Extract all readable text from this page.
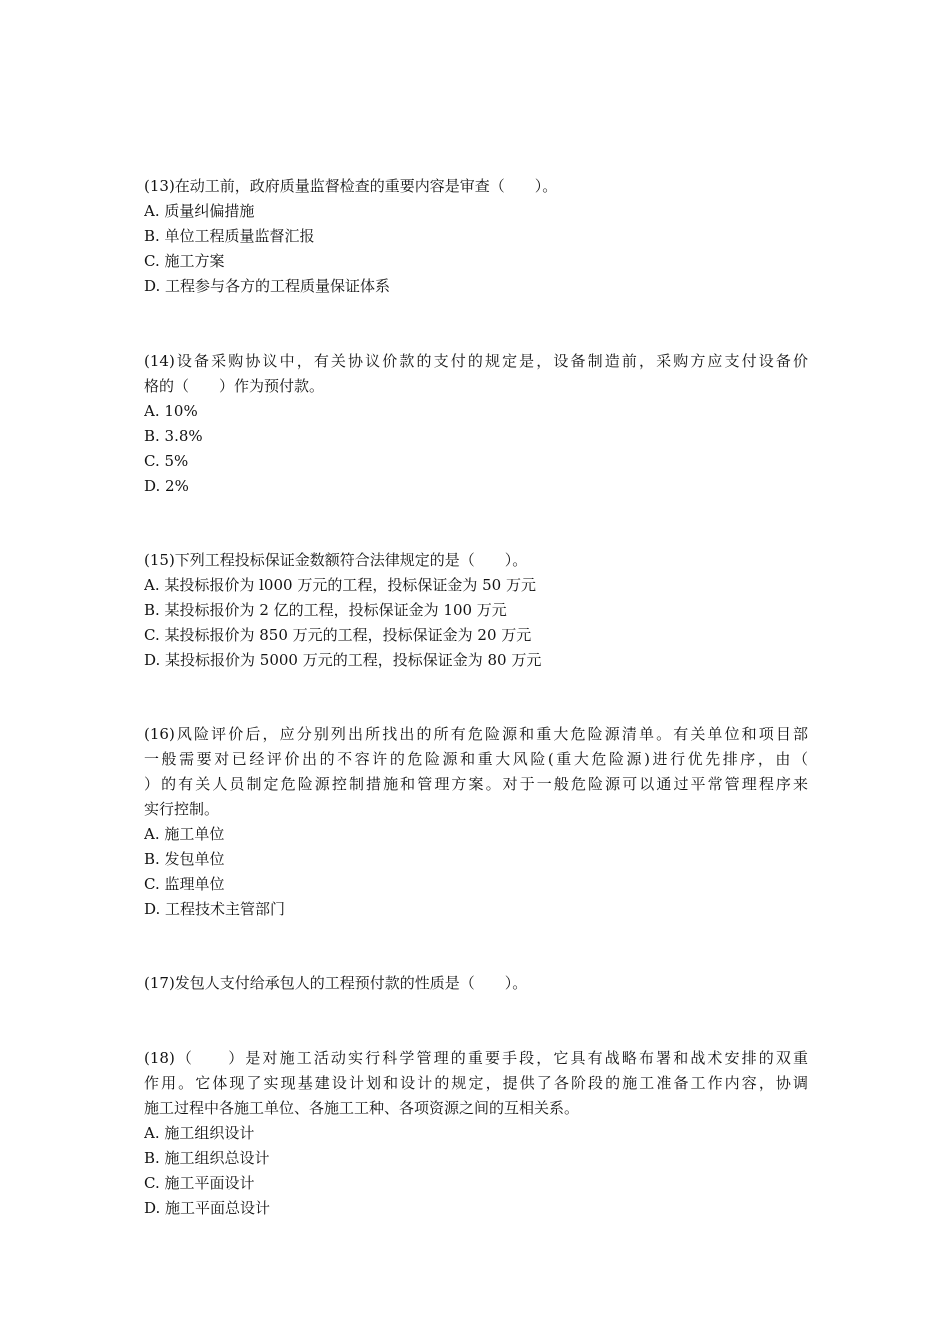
(13)在动工前，政府质量监督检查的重要内容是审查（　　）。
A. 质量纠偏措施
B. 单位工程质量监督汇报
C. 施工方案
D. 工程参与各方的工程质量保证体系
(14)设备采购协议中，有关协议价款的支付的规定是，设备制造前，采购方应支付设备价
格的（　　）作为预付款。
A. 10%
B. 3.8%
C. 5%
D. 2%
(15)下列工程投标保证金数额符合法律规定的是（　　）。
A. 某投标报价为 l000 万元的工程，投标保证金为 50 万元
B. 某投标报价为 2 亿的工程，投标保证金为 100 万元
C. 某投标报价为 850 万元的工程，投标保证金为 20 万元
D. 某投标报价为 5000 万元的工程，投标保证金为 80 万元
(16)风险评价后，应分别列出所找出的所有危险源和重大危险源清单。有关单位和项目部
一般需要对已经评价出的不容许的危险源和重大风险(重大危险源)进行优先排序，由（
）的有关人员制定危险源控制措施和管理方案。对于一般危险源可以通过平常管理程序来
实行控制。
A. 施工单位
B. 发包单位
C. 监理单位
D. 工程技术主管部门
(17)发包人支付给承包人的工程预付款的性质是（　　）。
(18)（　　）是对施工活动实行科学管理的重要手段，它具有战略布署和战术安排的双重
作用。它体现了实现基建设计划和设计的规定，提供了各阶段的施工准备工作内容，协调
施工过程中各施工单位、各施工工种、各项资源之间的互相关系。
A. 施工组织设计
B. 施工组织总设计
C. 施工平面设计
D. 施工平面总设计
